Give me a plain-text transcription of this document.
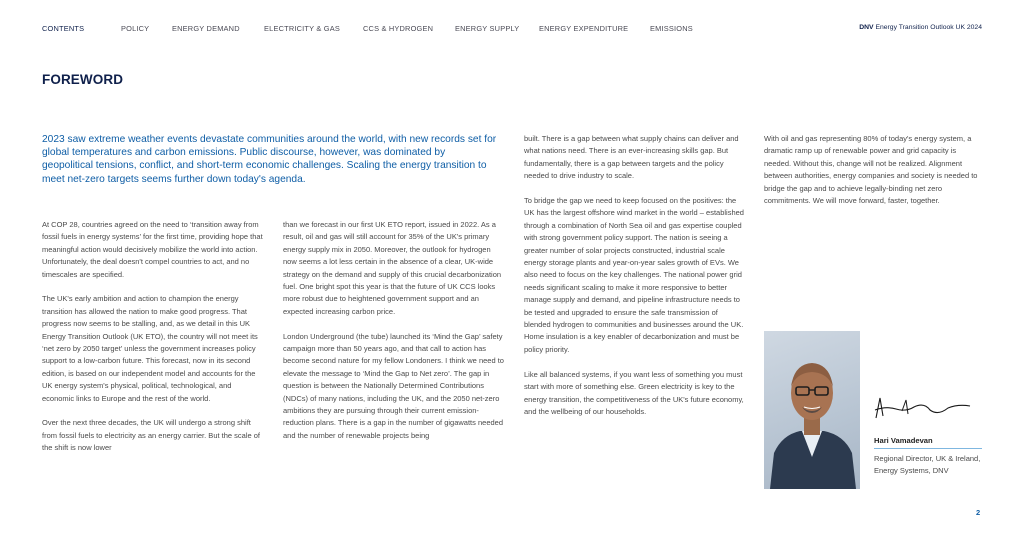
CONTENTS	POLICY	ENERGY DEMAND	ELECTRICITY & GAS	CCS & HYDROGEN	ENERGY SUPPLY	ENERGY EXPENDITURE	EMISSIONS	DNV Energy Transition Outlook UK 2024
FOREWORD

2023 saw extreme weather events devastate communities around the world, with new records set for global temperatures and carbon emissions. Public discourse, however, was dominated by geopolitical tensions, conflict, and short-term economic challenges. Scaling the energy transition to meet net-zero targets seems further down today's agenda.

At COP 28, countries agreed on the need to ‘transition away from fossil fuels in energy systems’ for the first time, providing hope that meaningful action would decisively mobilize the world into action. Unfortunately, the deal doesn't compel countries to act, and no timescales are specified.

The UK's early ambition and action to champion the energy transition has allowed the nation to make good progress. That progress now seems to be stalling, and, as we detail in this UK Energy Transition Outlook (UK ETO), the country will not meet its ‘net zero by 2050 target’ unless the government increases policy support to a low-carbon future. This forecast, now in its second edition, is based on our independent model and accounts for the UK energy system's physical, political, technological, and economic links to Europe and the rest of the world.

Over the next three decades, the UK will undergo a strong shift from fossil fuels to electricity as an energy carrier. But the scale of the shift is now lower

than we forecast in our first UK ETO report, issued in 2022. As a result, oil and gas will still account for 35% of the UK's primary energy supply mix in 2050. Moreover, the outlook for hydrogen now seems a lot less certain in the absence of a clear, UK-wide strategy on the demand and supply of this crucial decarbonization fuel. One bright spot this year is that the future of UK CCS looks more robust due to heightened government support and an expected increasing carbon price.

London Underground (the tube) launched its ‘Mind the Gap’ safety campaign more than 50 years ago, and that call to action has become second nature for my fellow Londoners. I think we need to elevate the message to ‘Mind the Gap to Net zero’. The gap in question is between the Nationally Determined Contributions (NDCs) of many nations, including the UK, and the 2050 net-zero ambitions they are pursuing through their current emission-reduction plans. There is a gap in the number of gigawatts needed and the number of renewable projects being

built. There is a gap between what supply chains can deliver and what nations need. There is an ever-increasing skills gap. But fundamentally, there is a gap between targets and the policy needed to drive industry to scale.

To bridge the gap we need to keep focused on the positives: the UK has the largest offshore wind market in the world – established through a combination of North Sea oil and gas expertise coupled with strong government policy support. The nation is seeing a greater number of solar projects constructed, industrial scale energy storage plants and year-on-year sales growth of EVs. We also need to focus on the key challenges. The national power grid needs significant scaling to make it more responsive to better manage supply and demand, and pipeline infrastructure needs to be tested and upgraded to ensure the safe transmission of blended hydrogen to communities and businesses around the UK. Home insulation is a key enabler of decarbonization and must be policy priority.

Like all balanced systems, if you want less of something you must start with more of something else. Green electricity is key to the energy transition, the competitiveness of the UK's future economy, and the wellbeing of our households.

With oil and gas representing 80% of today's energy system, a dramatic ramp up of renewable power and grid capacity is needed. Without this, change will not be realized. Alignment between authorities, energy companies and society is needed to bridge the gap and to achieve legally-binding net zero commitments. We will move forward, faster, together.

Hari Vamadevan
Regional Director, UK & Ireland, Energy Systems, DNV
2
